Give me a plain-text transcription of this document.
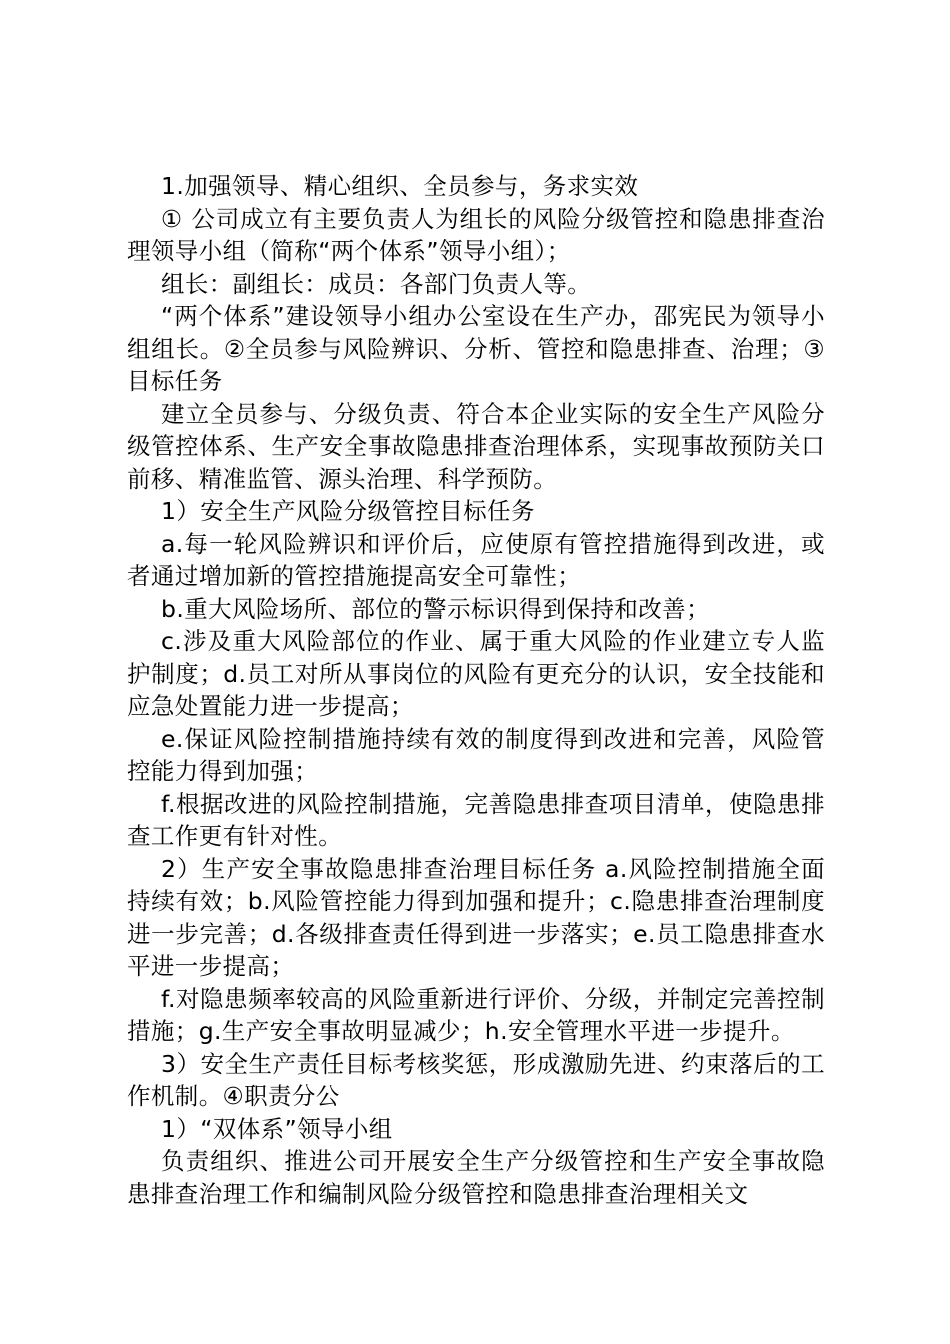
1.加强领导、精心组织、全员参与，务求实效

① 公司成立有主要负责人为组长的风险分级管控和隐患排查治理领导小组（简称“两个体系”领导小组）；

组长：副组长：成员：各部门负责人等。

“两个体系”建设领导小组办公室设在生产办，邵宪民为领导小组组长。②全员参与风险辨识、分析、管控和隐患排查、治理；③目标任务

建立全员参与、分级负责、符合本企业实际的安全生产风险分级管控体系、生产安全事故隐患排查治理体系，实现事故预防关口前移、精准监管、源头治理、科学预防。

1）安全生产风险分级管控目标任务

a.每一轮风险辨识和评价后，应使原有管控措施得到改进，或者通过增加新的管控措施提高安全可靠性；

b.重大风险场所、部位的警示标识得到保持和改善；

c.涉及重大风险部位的作业、属于重大风险的作业建立专人监护制度；d.员工对所从事岗位的风险有更充分的认识，安全技能和应急处置能力进一步提高；

e.保证风险控制措施持续有效的制度得到改进和完善，风险管控能力得到加强；

f.根据改进的风险控制措施，完善隐患排查项目清单，使隐患排查工作更有针对性。

2）生产安全事故隐患排查治理目标任务 a.风险控制措施全面持续有效；b.风险管控能力得到加强和提升；c.隐患排查治理制度进一步完善；d.各级排查责任得到进一步落实；e.员工隐患排查水平进一步提高；

f.对隐患频率较高的风险重新进行评价、分级，并制定完善控制措施；g.生产安全事故明显减少；h.安全管理水平进一步提升。

3）安全生产责任目标考核奖惩，形成激励先进、约束落后的工作机制。④职责分公

1）“双体系”领导小组

负责组织、推进公司开展安全生产分级管控和生产安全事故隐患排查治理工作和编制风险分级管控和隐患排查治理相关文
